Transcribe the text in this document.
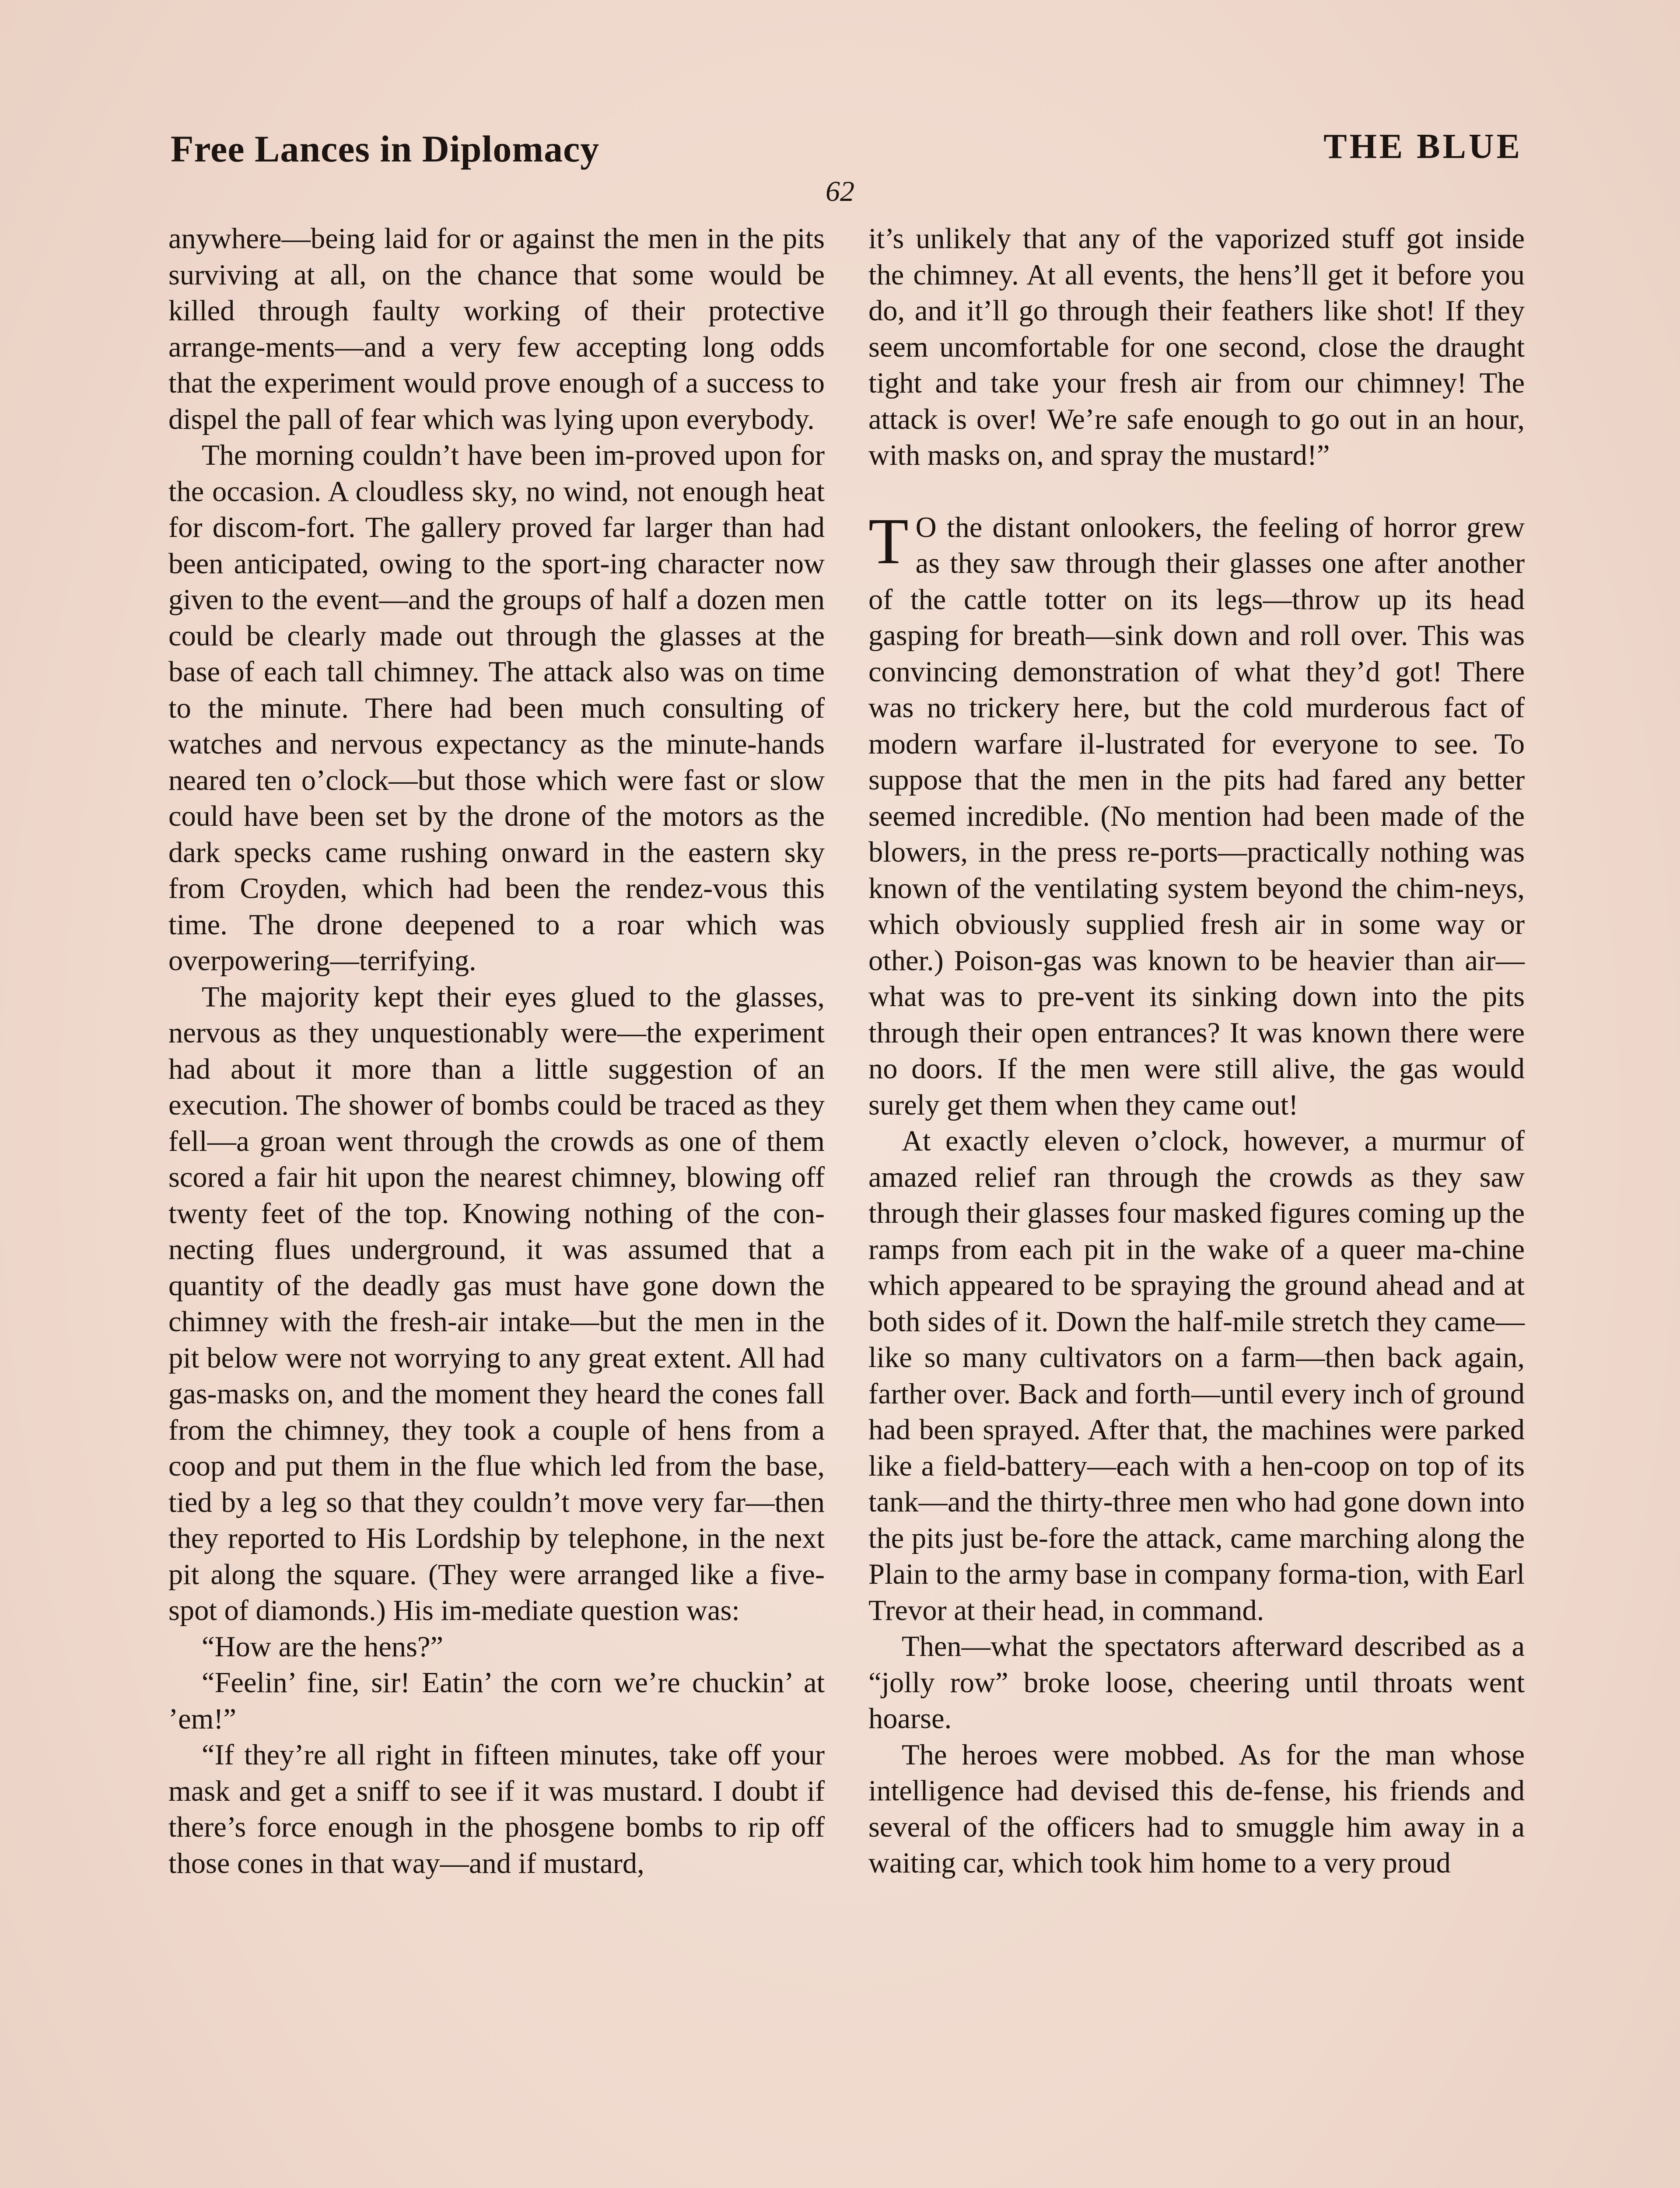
Free Lances in Diplomacy	THE BLUE
62

anywhere—being laid for or against the men in the pits surviving at all, on the chance that some would be killed through faulty working of their protective arrange-ments—and a very few accepting long odds that the experiment would prove enough of a success to dispel the pall of fear which was lying upon everybody.

The morning couldn’t have been im-proved upon for the occasion. A cloudless sky, no wind, not enough heat for discom-fort. The gallery proved far larger than had been anticipated, owing to the sport-ing character now given to the event—and the groups of half a dozen men could be clearly made out through the glasses at the base of each tall chimney. The attack also was on time to the minute. There had been much consulting of watches and nervous expectancy as the minute-hands neared ten o’clock—but those which were fast or slow could have been set by the drone of the motors as the dark specks came rushing onward in the eastern sky from Croyden, which had been the rendez-vous this time. The drone deepened to a roar which was overpowering—terrifying.

The majority kept their eyes glued to the glasses, nervous as they unquestionably were—the experiment had about it more than a little suggestion of an execution. The shower of bombs could be traced as they fell—a groan went through the crowds as one of them scored a fair hit upon the nearest chimney, blowing off twenty feet of the top. Knowing nothing of the con-necting flues underground, it was assumed that a quantity of the deadly gas must have gone down the chimney with the fresh-air intake—but the men in the pit below were not worrying to any great extent. All had gas-masks on, and the moment they heard the cones fall from the chimney, they took a couple of hens from a coop and put them in the flue which led from the base, tied by a leg so that they couldn’t move very far—then they reported to His Lordship by telephone, in the next pit along the square. (They were arranged like a five-spot of diamonds.) His im-mediate question was:

“How are the hens?”

“Feelin’ fine, sir! Eatin’ the corn we’re chuckin’ at ’em!”

“If they’re all right in fifteen minutes, take off your mask and get a sniff to see if it was mustard. I doubt if there’s force enough in the phosgene bombs to rip off those cones in that way—and if mustard,

it’s unlikely that any of the vaporized stuff got inside the chimney. At all events, the hens’ll get it before you do, and it’ll go through their feathers like shot! If they seem uncomfortable for one second, close the draught tight and take your fresh air from our chimney! The attack is over! We’re safe enough to go out in an hour, with masks on, and spray the mustard!”

T O the distant onlookers, the feeling of horror grew as they saw through their glasses one after another of the cattle totter on its legs—throw up its head gasping for breath—sink down and roll over. This was convincing demonstration of what they’d got! There was no trickery here, but the cold murderous fact of modern warfare il-lustrated for everyone to see. To suppose that the men in the pits had fared any better seemed incredible. (No mention had been made of the blowers, in the press re-ports—practically nothing was known of the ventilating system beyond the chim-neys, which obviously supplied fresh air in some way or other.) Poison-gas was known to be heavier than air—what was to pre-vent its sinking down into the pits through their open entrances? It was known there were no doors. If the men were still alive, the gas would surely get them when they came out!

At exactly eleven o’clock, however, a murmur of amazed relief ran through the crowds as they saw through their glasses four masked figures coming up the ramps from each pit in the wake of a queer ma-chine which appeared to be spraying the ground ahead and at both sides of it. Down the half-mile stretch they came—like so many cultivators on a farm—then back again, farther over. Back and forth—until every inch of ground had been sprayed. After that, the machines were parked like a field-battery—each with a hen-coop on top of its tank—and the thirty-three men who had gone down into the pits just be-fore the attack, came marching along the Plain to the army base in company forma-tion, with Earl Trevor at their head, in command.

Then—what the spectators afterward described as a “jolly row” broke loose, cheering until throats went hoarse.

The heroes were mobbed. As for the man whose intelligence had devised this de-fense, his friends and several of the officers had to smuggle him away in a waiting car, which took him home to a very proud
